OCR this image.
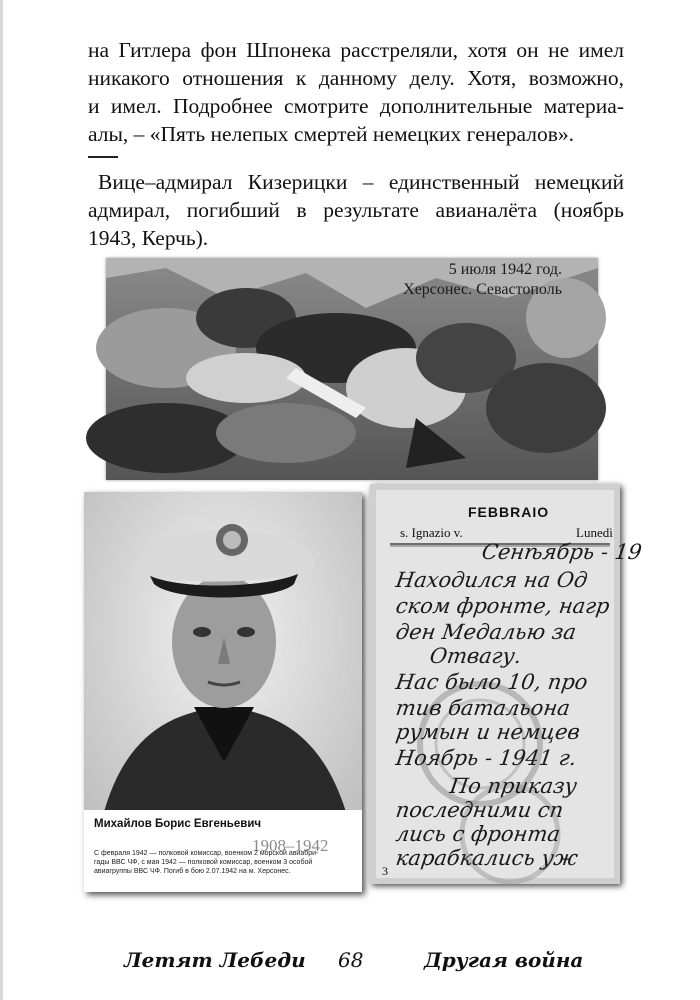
на Гитлера фон Шпонека расстреляли, хотя он не имел
никакого отношения к данному делу. Хотя, возможно,
и имел. Подробнее смотрите дополнительные материа-
алы, – «Пять нелепых смертей немецких генералов».

Вице–адмирал Кизерицки – единственный немецкий
адмирал, погибший в результате авианалёта (ноябрь
1943, Керчь).

5 июля 1942 год.
Херсонес. Севастополь
Михайлов Борис Евгеньевич
1908–1942
С февраля 1942 — полковой комиссар, военком 2 морской авиабри-
гады ВВС ЧФ, с мая 1942 — полковой комиссар, военком 3 особой
авиагруппы ВВС ЧФ. Погиб в бою 2.07.1942 на м. Херсонес.
FEBBRAIO
s. Ignazio v.	Lunedì
Сенѣябрь - 19
Находился на Од
ском фронте, нагр
ден Медалью за
Отвагу.
Нас было 10, про
тив батальона
румын и немцев
Ноябрь - 1941 г.
По приказу
последними сп
лись с фронта
карабкались уж
3
Летят Лебеди 68	Другая война
